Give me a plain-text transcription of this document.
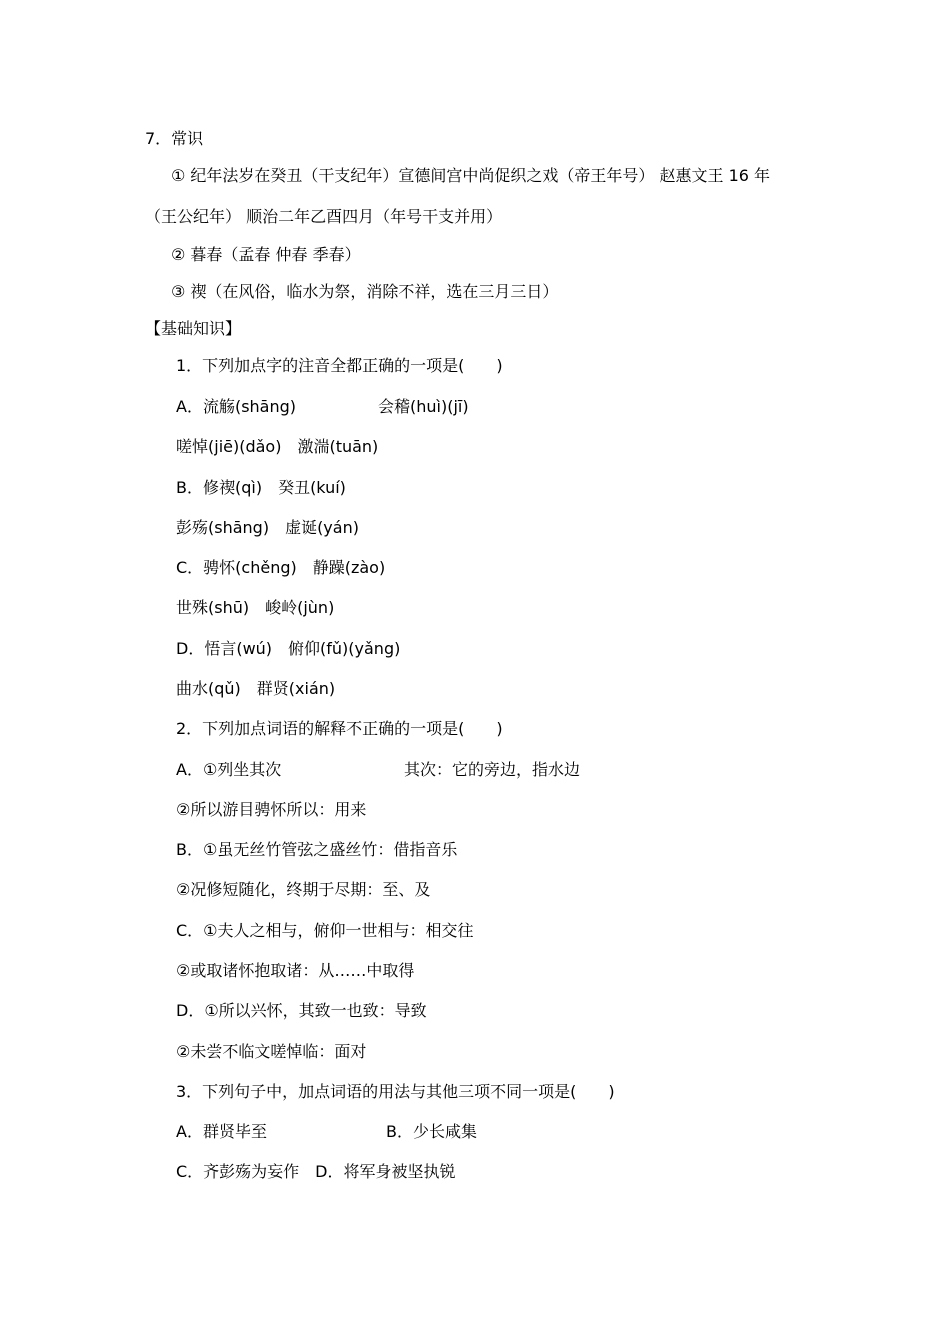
7．常识
① 纪年法岁在癸丑（干支纪年）宣德间宫中尚促织之戏（帝王年号） 赵惠文王 16 年
（王公纪年） 顺治二年乙酉四月（年号干支并用）
② 暮春（孟春 仲春 季春）
③ 禊（在风俗，临水为祭，消除不祥，选在三月三日）
【基础知识】
1．下列加点字的注音全都正确的一项是(　　)
A．流觞(shāng)	会稽(huì)(jī)
嗟悼(jiē)(dǎo)　激湍(tuān)
B．修禊(qì)　癸丑(kuí)
彭殇(shāng)　虚诞(yán)
C．骋怀(chěng)　静躁(zào)
世殊(shū)　峻岭(jùn)
D．悟言(wú)　俯仰(fǔ)(yǎng)
曲水(qǔ)　群贤(xián)
2．下列加点词语的解释不正确的一项是(　　)
A．①列坐其次	其次：它的旁边，指水边
②所以游目骋怀所以：用来
B．①虽无丝竹管弦之盛丝竹：借指音乐
②况修短随化，终期于尽期：至、及
C．①夫人之相与，俯仰一世相与：相交往
②或取诸怀抱取诸：从……中取得
D．①所以兴怀，其致一也致：导致
②未尝不临文嗟悼临：面对
3．下列句子中，加点词语的用法与其他三项不同一项是(　　)
A．群贤毕至	B．少长咸集
C．齐彭殇为妄作　D．将军身被坚执锐
